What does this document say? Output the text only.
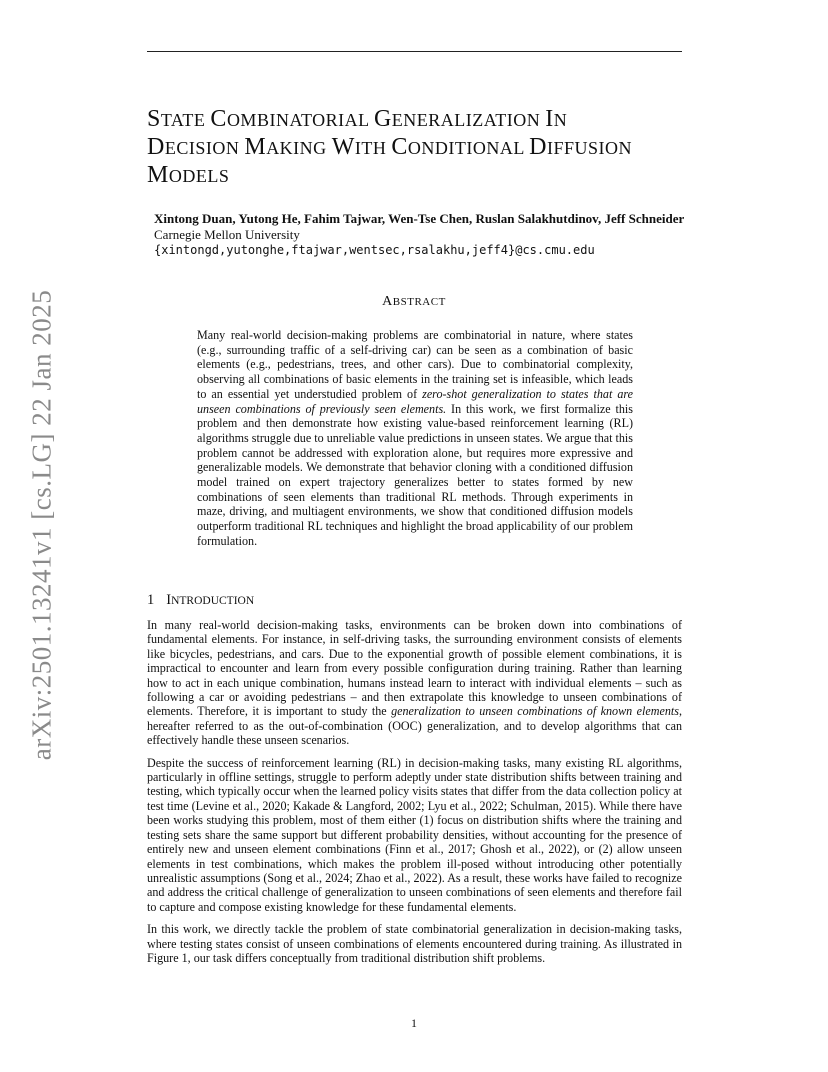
arXiv:2501.13241v1 [cs.LG] 22 Jan 2025
STATE COMBINATORIAL GENERALIZATION IN
DECISION MAKING WITH CONDITIONAL DIFFUSION
MODELS
Xintong Duan, Yutong He, Fahim Tajwar, Wen-Tse Chen, Ruslan Salakhutdinov, Jeff Schneider
Carnegie Mellon University
{xintongd,yutonghe,ftajwar,wentsec,rsalakhu,jeff4}@cs.cmu.edu
ABSTRACT

Many real-world decision-making problems are combinatorial in nature, where states (e.g., surrounding traffic of a self-driving car) can be seen as a combination of basic elements (e.g., pedestrians, trees, and other cars). Due to combinatorial complexity, observing all combinations of basic elements in the training set is infeasible, which leads to an essential yet understudied problem of zero-shot generalization to states that are unseen combinations of previously seen elements. In this work, we first formalize this problem and then demonstrate how existing value-based reinforcement learning (RL) algorithms struggle due to unreliable value predictions in unseen states. We argue that this problem cannot be addressed with exploration alone, but requires more expressive and generalizable models. We demonstrate that behavior cloning with a conditioned diffusion model trained on expert trajectory generalizes better to states formed by new combinations of seen elements than traditional RL methods. Through experiments in maze, driving, and multiagent environments, we show that conditioned diffusion models outperform traditional RL techniques and highlight the broad applicability of our problem formulation.

1 INTRODUCTION

In many real-world decision-making tasks, environments can be broken down into combinations of fundamental elements. For instance, in self-driving tasks, the surrounding environment consists of elements like bicycles, pedestrians, and cars. Due to the exponential growth of possible element combinations, it is impractical to encounter and learn from every possible configuration during training. Rather than learning how to act in each unique combination, humans instead learn to interact with individual elements – such as following a car or avoiding pedestrians – and then extrapolate this knowledge to unseen combinations of elements. Therefore, it is important to study the generalization to unseen combinations of known elements, hereafter referred to as the out-of-combination (OOC) generalization, and to develop algorithms that can effectively handle these unseen scenarios.

Despite the success of reinforcement learning (RL) in decision-making tasks, many existing RL algorithms, particularly in offline settings, struggle to perform adeptly under state distribution shifts between training and testing, which typically occur when the learned policy visits states that differ from the data collection policy at test time (Levine et al., 2020; Kakade & Langford, 2002; Lyu et al., 2022; Schulman, 2015). While there have been works studying this problem, most of them either (1) focus on distribution shifts where the training and testing sets share the same support but different probability densities, without accounting for the presence of entirely new and unseen element combinations (Finn et al., 2017; Ghosh et al., 2022), or (2) allow unseen elements in test combinations, which makes the problem ill-posed without introducing other potentially unrealistic assumptions (Song et al., 2024; Zhao et al., 2022). As a result, these works have failed to recognize and address the critical challenge of generalization to unseen combinations of seen elements and therefore fail to capture and compose existing knowledge for these fundamental elements.

In this work, we directly tackle the problem of state combinatorial generalization in decision-making tasks, where testing states consist of unseen combinations of elements encountered during training. As illustrated in Figure 1, our task differs conceptually from traditional distribution shift problems.

1
